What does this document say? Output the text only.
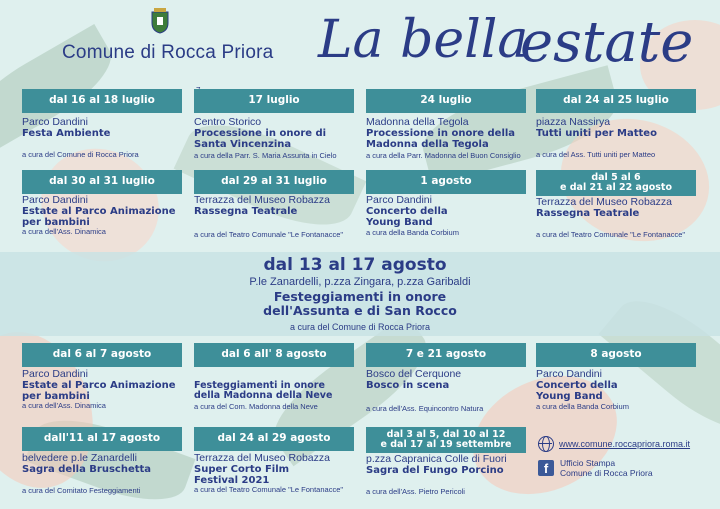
Comune di Rocca Priora La bella
estate
dal 13 al 17 agosto
P.le Zanardelli, p.zza Zingara, p.zza Garibaldi
Festeggiamenti in onore
dell'Assunta e di San Rocco
a cura del Comune di Rocca Priora
dal 16 al 18 luglio
Parco Dandini
Festa Ambiente
a cura del Comune di Rocca Priora
17 luglio
Centro Storico
Processione in onore di Santa Vincenzina
a cura della Parr. S. Maria Assunta in Cielo
24 luglio
Madonna della Tegola
Processione in onore della Madonna della Tegola
a cura della Parr. Madonna del Buon Consiglio
dal 24 al 25 luglio
piazza Nassirya
Tutti uniti per Matteo
a cura del Ass. Tutti uniti per Matteo
dal 30 al 31 luglio
Parco Dandini
Estate al Parco Animazione per bambini
a cura dell'Ass. Dinamica
dal 29 al 31 luglio
Terrazza del Museo Robazza
Rassegna Teatrale
a cura del Teatro Comunale "Le Fontanacce"
1 agosto
Parco Dandini
Concerto della Young Band
a cura della Banda Corbium
dal 5 al 6
e dal 21 al 22 agosto
Terrazza del Museo Robazza
Rassegna Teatrale
a cura del Teatro Comunale "Le Fontanacce"
dal 6 al 7 agosto
Parco Dandini
Estate al Parco Animazione per bambini
a cura dell'Ass. Dinamica
dal 6 all' 8 agosto
Festeggiamenti in onore della Madonna della Neve
a cura del Com. Madonna della Neve
7 e 21 agosto
Bosco del Cerquone
Bosco in scena
a cura dell'Ass. Equincontro Natura
8 agosto
Parco Dandini
Concerto della Young Band
a cura della Banda Corbium
dall'11 al 17 agosto
belvedere p.le Zanardelli
Sagra della Bruschetta
a cura del Comitato Festeggiamenti
dal 24 al 29 agosto
Terrazza del Museo Robazza
Super Corto Film Festival 2021
a cura del Teatro Comunale "Le Fontanacce"
dal 3 al 5, dal 10 al 12
e dal 17 al 19 settembre
p.zza Capranica Colle di Fuori
Sagra del Fungo Porcino
a cura dell'Ass. Pietro Pericoli
www.comune.roccapriora.roma.it
f	Ufficio Stampa
Comune di Rocca Priora
